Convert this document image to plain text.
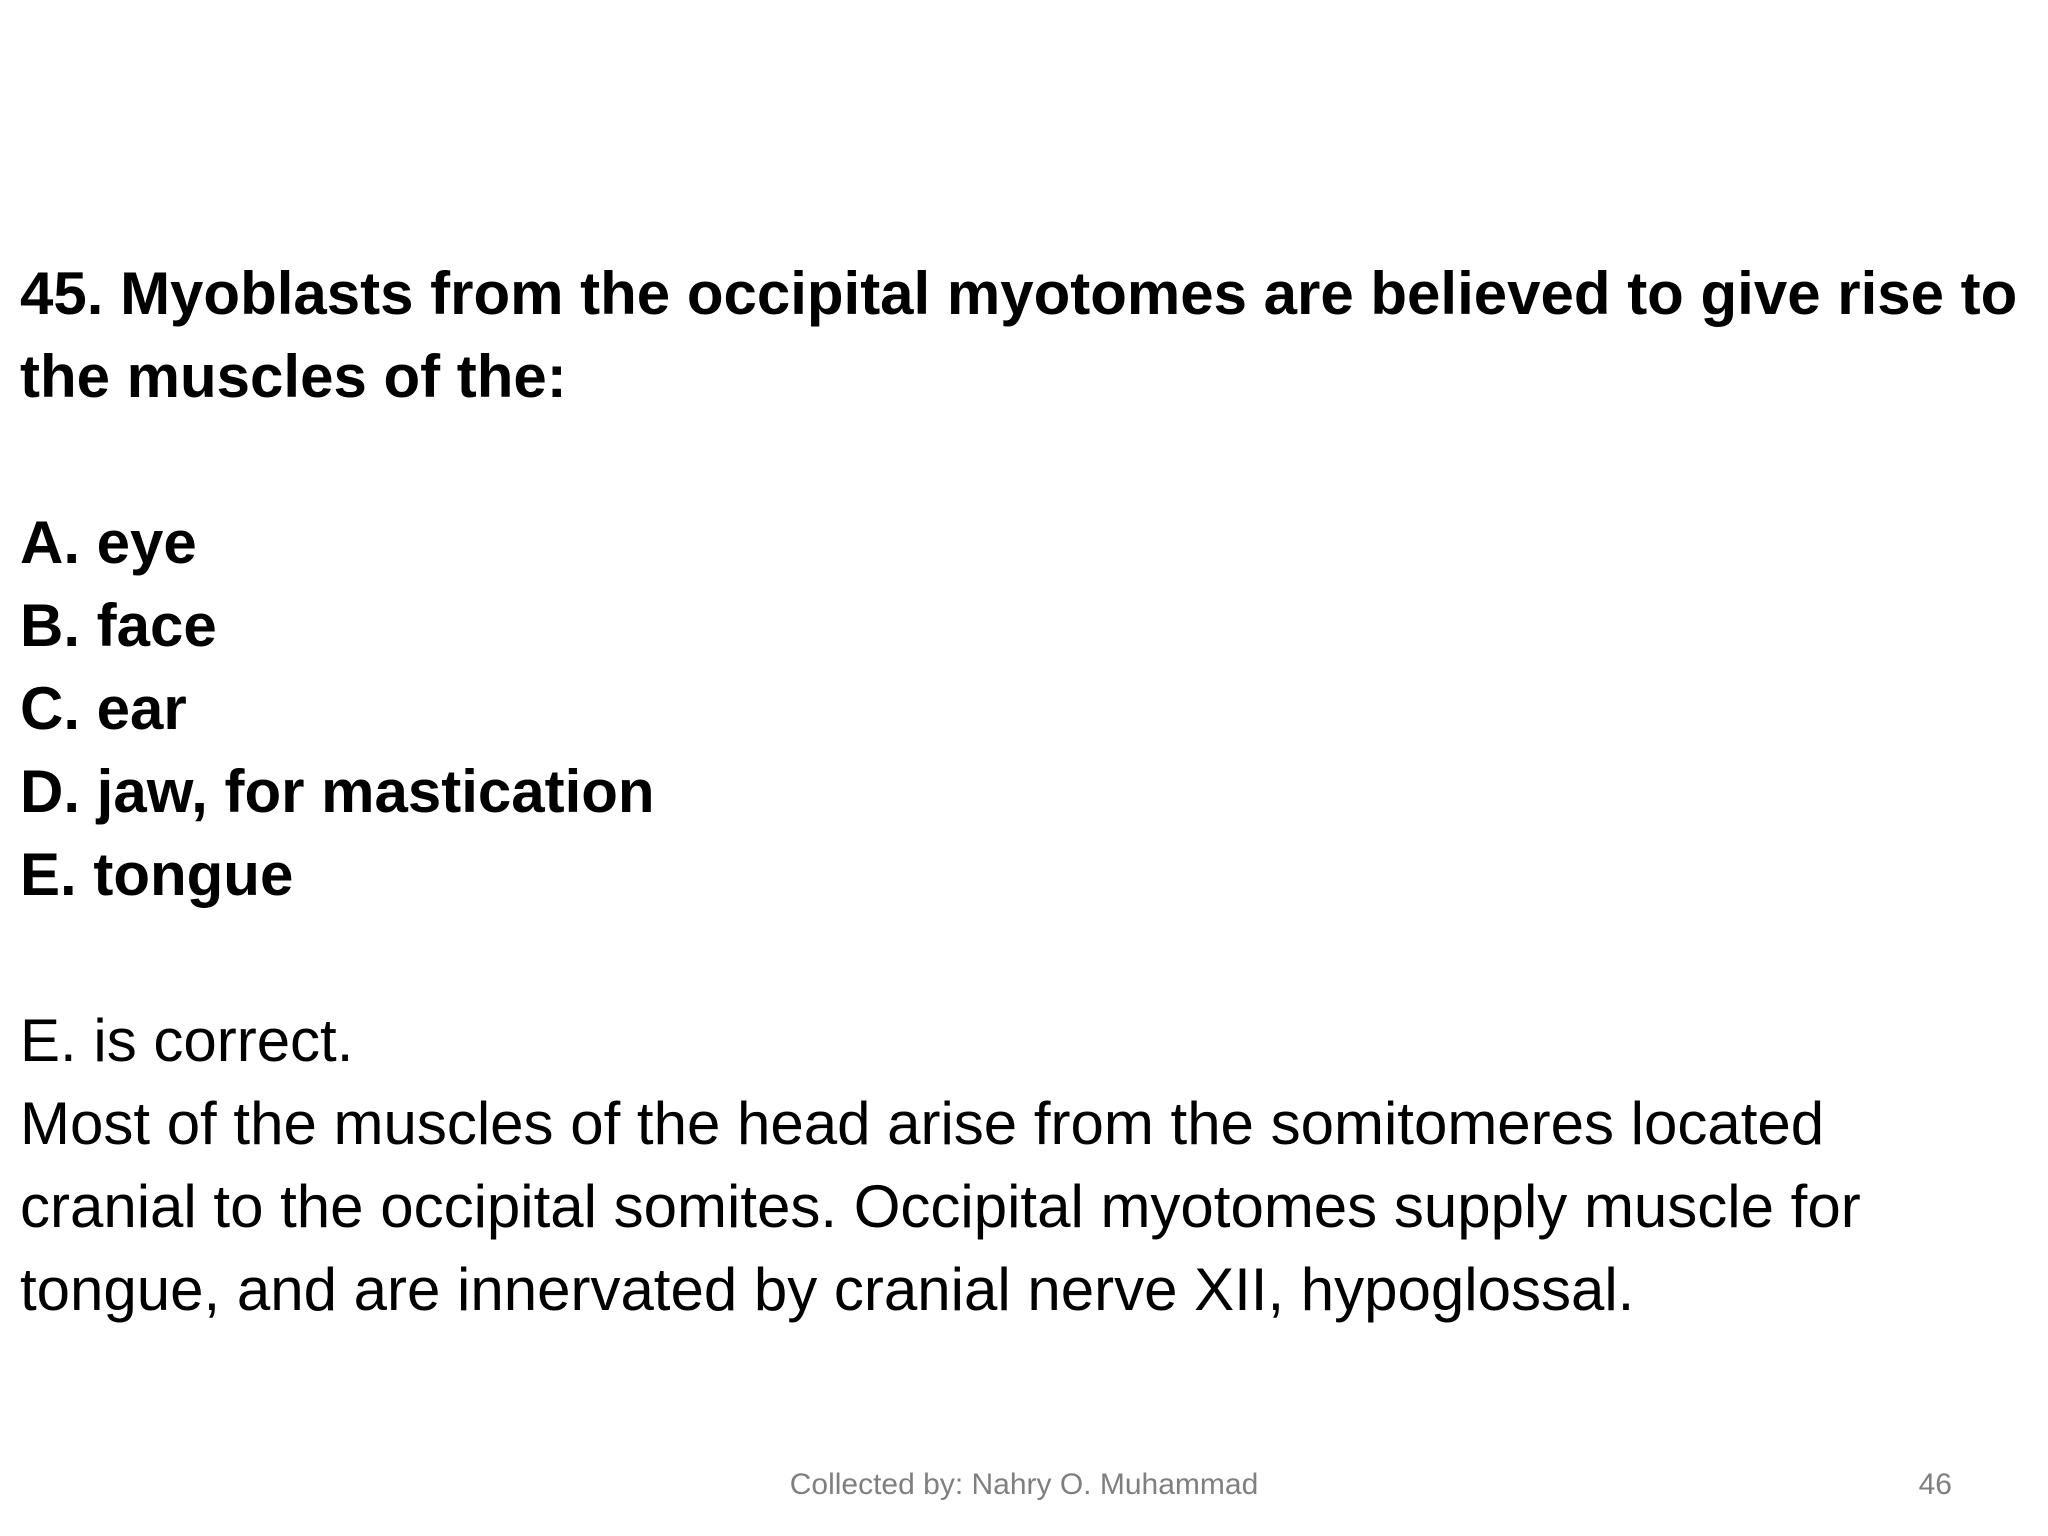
45. Myoblasts from the occipital myotomes are believed to give rise to
the muscles of the:
A. eye
B. face
C. ear
D. jaw, for mastication
E. tongue

E. is correct.

Most of the muscles of the head arise from the somitomeres located

cranial to the occipital somites. Occipital myotomes supply muscle for

tongue, and are innervated by cranial nerve XII, hypoglossal.

Collected by: Nahry O. Muhammad	46
